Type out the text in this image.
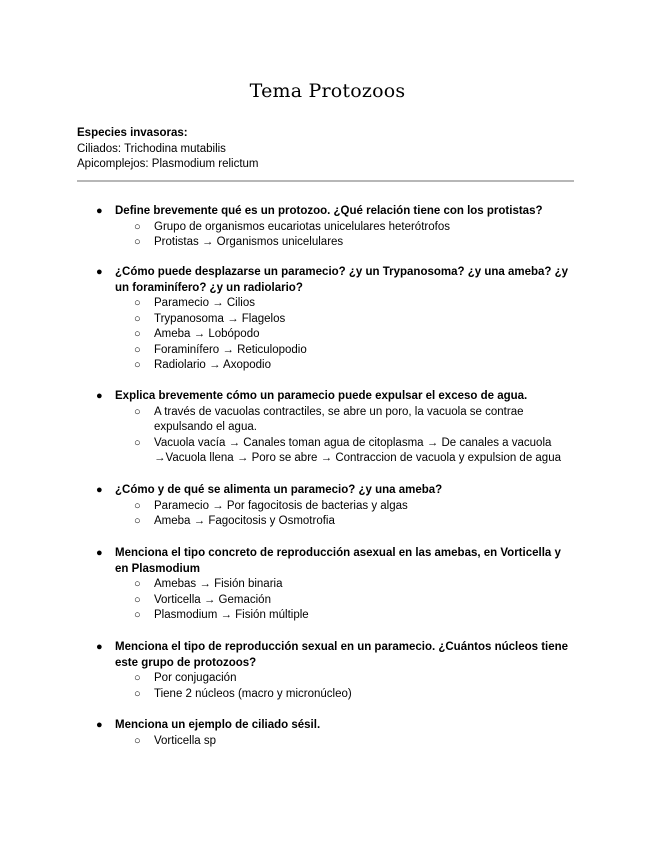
Tema Protozoos
Especies invasoras:
Ciliados: Trichodina mutabilis
Apicomplejos: Plasmodium relictum
● Define brevemente qué es un protozoo. ¿Qué relación tiene con los protistas?
○ Grupo de organismos eucariotas unicelulares heterótrofos
○ Protistas → Organismos unicelulares
● ¿Cómo puede desplazarse un paramecio? ¿y un Trypanosoma? ¿y una ameba? ¿y un foraminífero? ¿y un radiolario?
○ Paramecio → Cilios
○ Trypanosoma → Flagelos
○ Ameba → Lobópodo
○ Foraminífero → Reticulopodio
○ Radiolario → Axopodio
● Explica brevemente cómo un paramecio puede expulsar el exceso de agua.
○ A través de vacuolas contractiles, se abre un poro, la vacuola se contrae expulsando el agua.
○ Vacuola vacía → Canales toman agua de citoplasma → De canales a vacuola →Vacuola llena → Poro se abre → Contraccion de vacuola y expulsion de agua
● ¿Cómo y de qué se alimenta un paramecio? ¿y una ameba?
○ Paramecio → Por fagocitosis de bacterias y algas
○ Ameba → Fagocitosis y Osmotrofia
● Menciona el tipo concreto de reproducción asexual en las amebas, en Vorticella y en Plasmodium
○ Amebas → Fisión binaria
○ Vorticella → Gemación
○ Plasmodium → Fisión múltiple
● Menciona el tipo de reproducción sexual en un paramecio. ¿Cuántos núcleos tiene este grupo de protozoos?
○ Por conjugación
○ Tiene 2 núcleos (macro y micronúcleo)
● Menciona un ejemplo de ciliado sésil.
○ Vorticella sp
